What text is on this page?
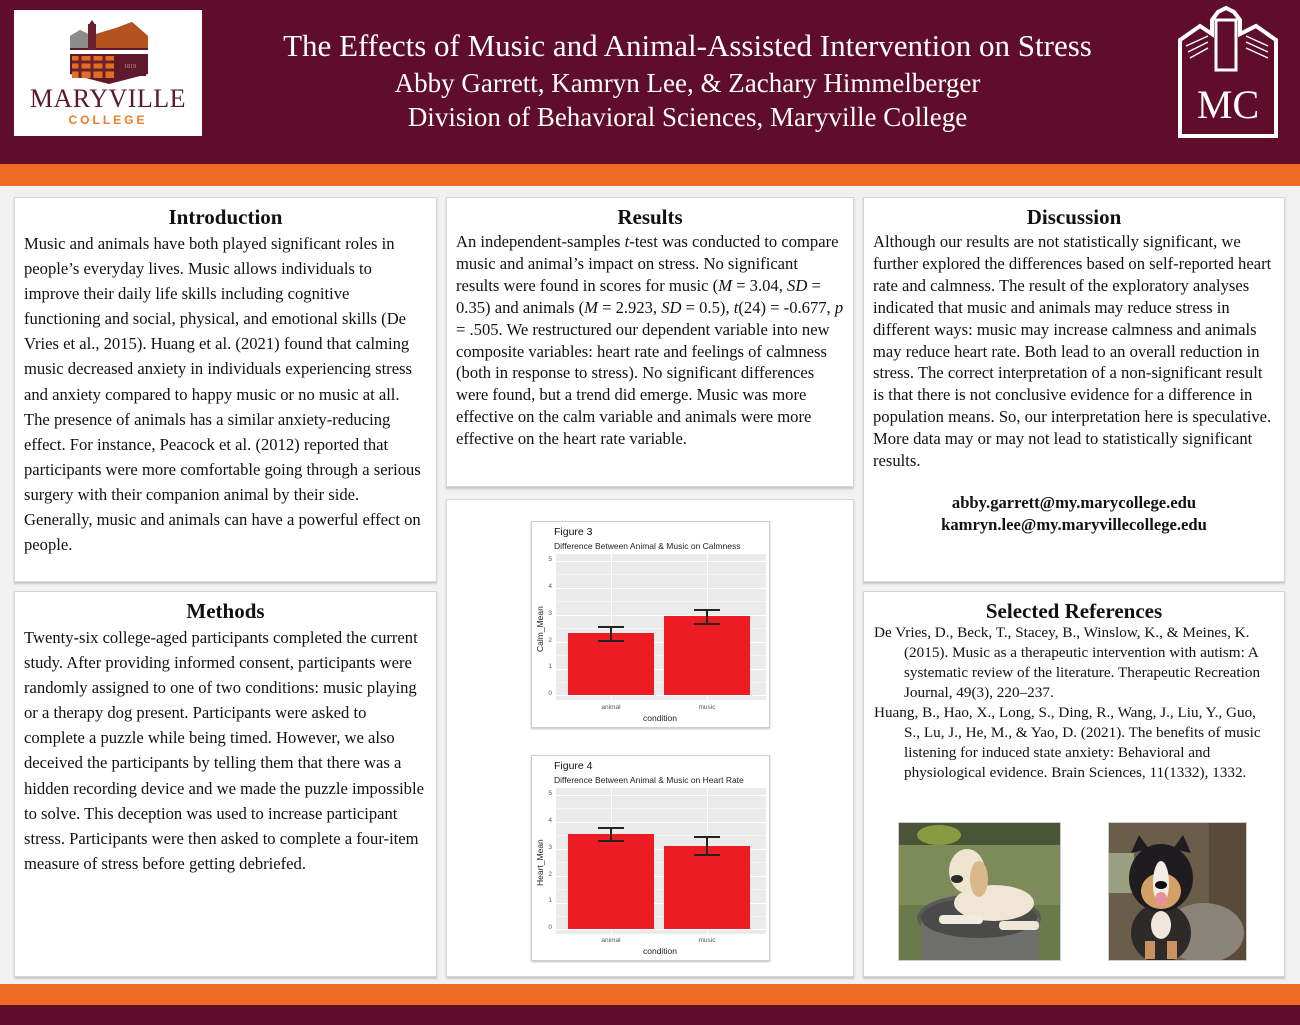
1819
MARYVILLE
COLLEGE
The Effects of Music and Animal-Assisted Intervention on Stress
Abby Garrett, Kamryn Lee, & Zachary Himmelberger
Division of Behavioral Sciences, Maryville College	MC
Introduction
Music and animals have both played significant roles in people’s everyday lives. Music allows individuals to improve their daily life skills including cognitive functioning and social, physical, and emotional skills (De Vries et al., 2015). Huang et al. (2021) found that calming music decreased anxiety in individuals experiencing stress and anxiety compared to happy music or no music at all. The presence of animals has a similar anxiety-reducing effect. For instance, Peacock et al. (2012) reported that participants were more comfortable going through a serious surgery with their companion animal by their side. Generally, music and animals can have a powerful effect on people.
Methods
Twenty-six college-aged participants completed the current study. After providing informed consent, participants were randomly assigned to one of two conditions: music playing or a therapy dog present. Participants were asked to complete a puzzle while being timed. However, we also deceived the participants by telling them that there was a hidden recording device and we made the puzzle impossible to solve. This deception was used to increase participant stress. Participants were then asked to complete a four-item measure of stress before getting debriefed.
Results
An independent-samples t-test was conducted to compare music and animal’s impact on stress. No significant results were found in scores for music (M = 3.04, SD = 0.35) and animals (M = 2.923, SD = 0.5), t(24) = -0.677, p = .505. We restructured our dependent variable into new composite variables: heart rate and feelings of calmness (both in response to stress). No significant differences were found, but a trend did emerge. Music was more effective on the calm variable and animals were more effective on the heart rate variable.
Figure 3
Difference Between Animal & Music on Calmness
Calm_Mean
5
4
3
2
1
0
animal	music
condition
Figure 4
Difference Between Animal & Music on Heart Rate
Heart_Mean
5
4
3
2
1
0
animal	music
condition
Discussion
Although our results are not statistically significant, we further explored the differences based on self-reported heart rate and calmness. The result of the exploratory analyses indicated that music and animals may reduce stress in different ways: music may increase calmness and animals may reduce heart rate. Both lead to an overall reduction in stress. The correct interpretation of a non-significant result is that there is not conclusive evidence for a difference in population means. So, our interpretation here is speculative. More data may or may not lead to statistically significant results.
abby.garrett@my.marycollege.edu
kamryn.lee@my.maryvillecollege.edu
Selected References
De Vries, D., Beck, T., Stacey, B., Winslow, K., & Meines, K. (2015). Music as a therapeutic intervention with autism: A systematic review of the literature. Therapeutic Recreation Journal, 49(3), 220–237.
Huang, B., Hao, X., Long, S., Ding, R., Wang, J., Liu, Y., Guo, S., Lu, J., He, M., & Yao, D. (2021). The benefits of music listening for induced state anxiety: Behavioral and physiological evidence. Brain Sciences, 11(1332), 1332.
